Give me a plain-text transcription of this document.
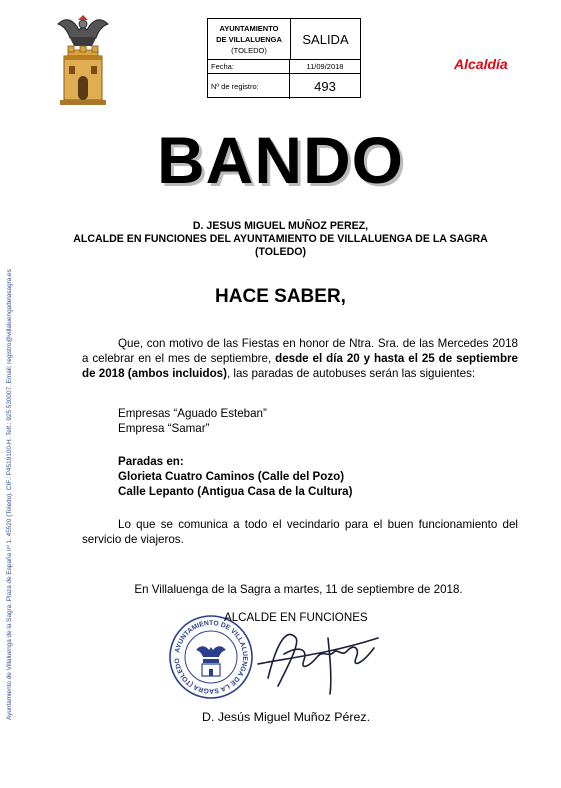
AYUNTAMIENTO
DE VILLALUENGA
(TOLEDO)
SALIDA
Fecha:	11/09/2018
Nº de registro:	493
Alcaldía
Ayuntamiento de Villaluenga de la Sagra. Plaza de España nº 1. 45520 (Toledo). CIF.: P4519100-H. Telf.: 925 530007. Email: registro@villaluengadelasagra.es
BANDO
D. JESUS MIGUEL MUÑOZ PEREZ,
ALCALDE EN FUNCIONES DEL AYUNTAMIENTO DE VILLALUENGA DE LA SAGRA
(TOLEDO)
HACE SABER,
Que, con motivo de las Fiestas en honor de Ntra. Sra. de las Mercedes 2018 a celebrar en el mes de septiembre, desde el día 20 y hasta el 25 de septiembre de 2018 (ambos incluidos), las paradas de autobuses serán las siguientes:
Empresas “Aguado Esteban”
Empresa “Samar”
Paradas en:
Glorieta Cuatro Caminos (Calle del Pozo)
Calle Lepanto (Antigua Casa de la Cultura)
Lo que se comunica a todo el vecindario para el buen funcionamiento del servicio de viajeros.
En Villaluenga de la Sagra a martes, 11 de septiembre de 2018.
AYUNTAMIENTO DE VILLALUENGA DE LA SAGRA (TOLEDO
ALCALDE EN FUNCIONES
D. Jesús Miguel Muñoz Pérez.
